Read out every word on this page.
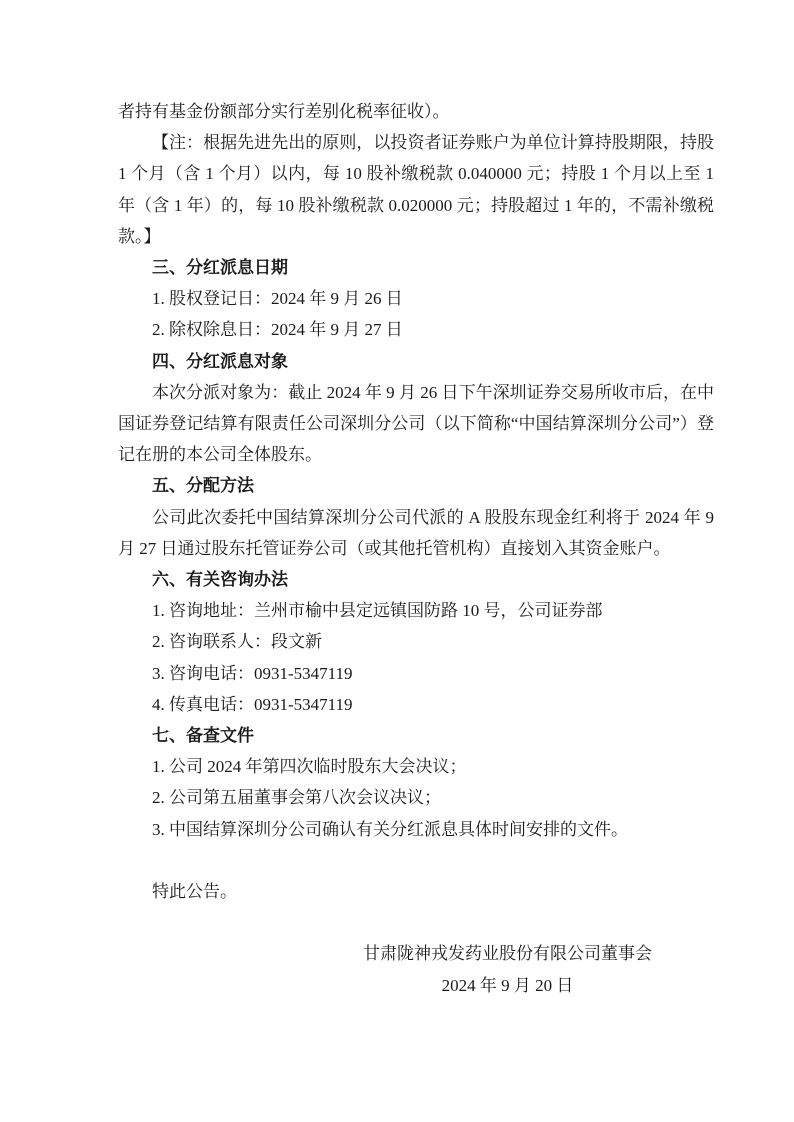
者持有基金份额部分实行差别化税率征收）。

【注：根据先进先出的原则，以投资者证券账户为单位计算持股期限，持股 1 个月（含 1 个月）以内，每 10 股补缴税款 0.040000 元；持股 1 个月以上至 1 年（含 1 年）的，每 10 股补缴税款 0.020000 元；持股超过 1 年的，不需补缴税款。】

三、分红派息日期

1. 股权登记日：2024 年 9 月 26 日

2. 除权除息日：2024 年 9 月 27 日

四、分红派息对象

本次分派对象为：截止 2024 年 9 月 26 日下午深圳证券交易所收市后，在中国证券登记结算有限责任公司深圳分公司（以下简称“中国结算深圳分公司”）登记在册的本公司全体股东。

五、分配方法

公司此次委托中国结算深圳分公司代派的 A 股股东现金红利将于 2024 年 9 月 27 日通过股东托管证券公司（或其他托管机构）直接划入其资金账户。

六、有关咨询办法

1. 咨询地址：兰州市榆中县定远镇国防路 10 号，公司证券部

2. 咨询联系人：段文新

3. 咨询电话：0931-5347119

4. 传真电话：0931-5347119

七、备查文件

1. 公司 2024 年第四次临时股东大会决议；

2. 公司第五届董事会第八次会议决议；

3. 中国结算深圳分公司确认有关分红派息具体时间安排的文件。

特此公告。

甘肃陇神戎发药业股份有限公司董事会

2024 年 9 月 20 日
